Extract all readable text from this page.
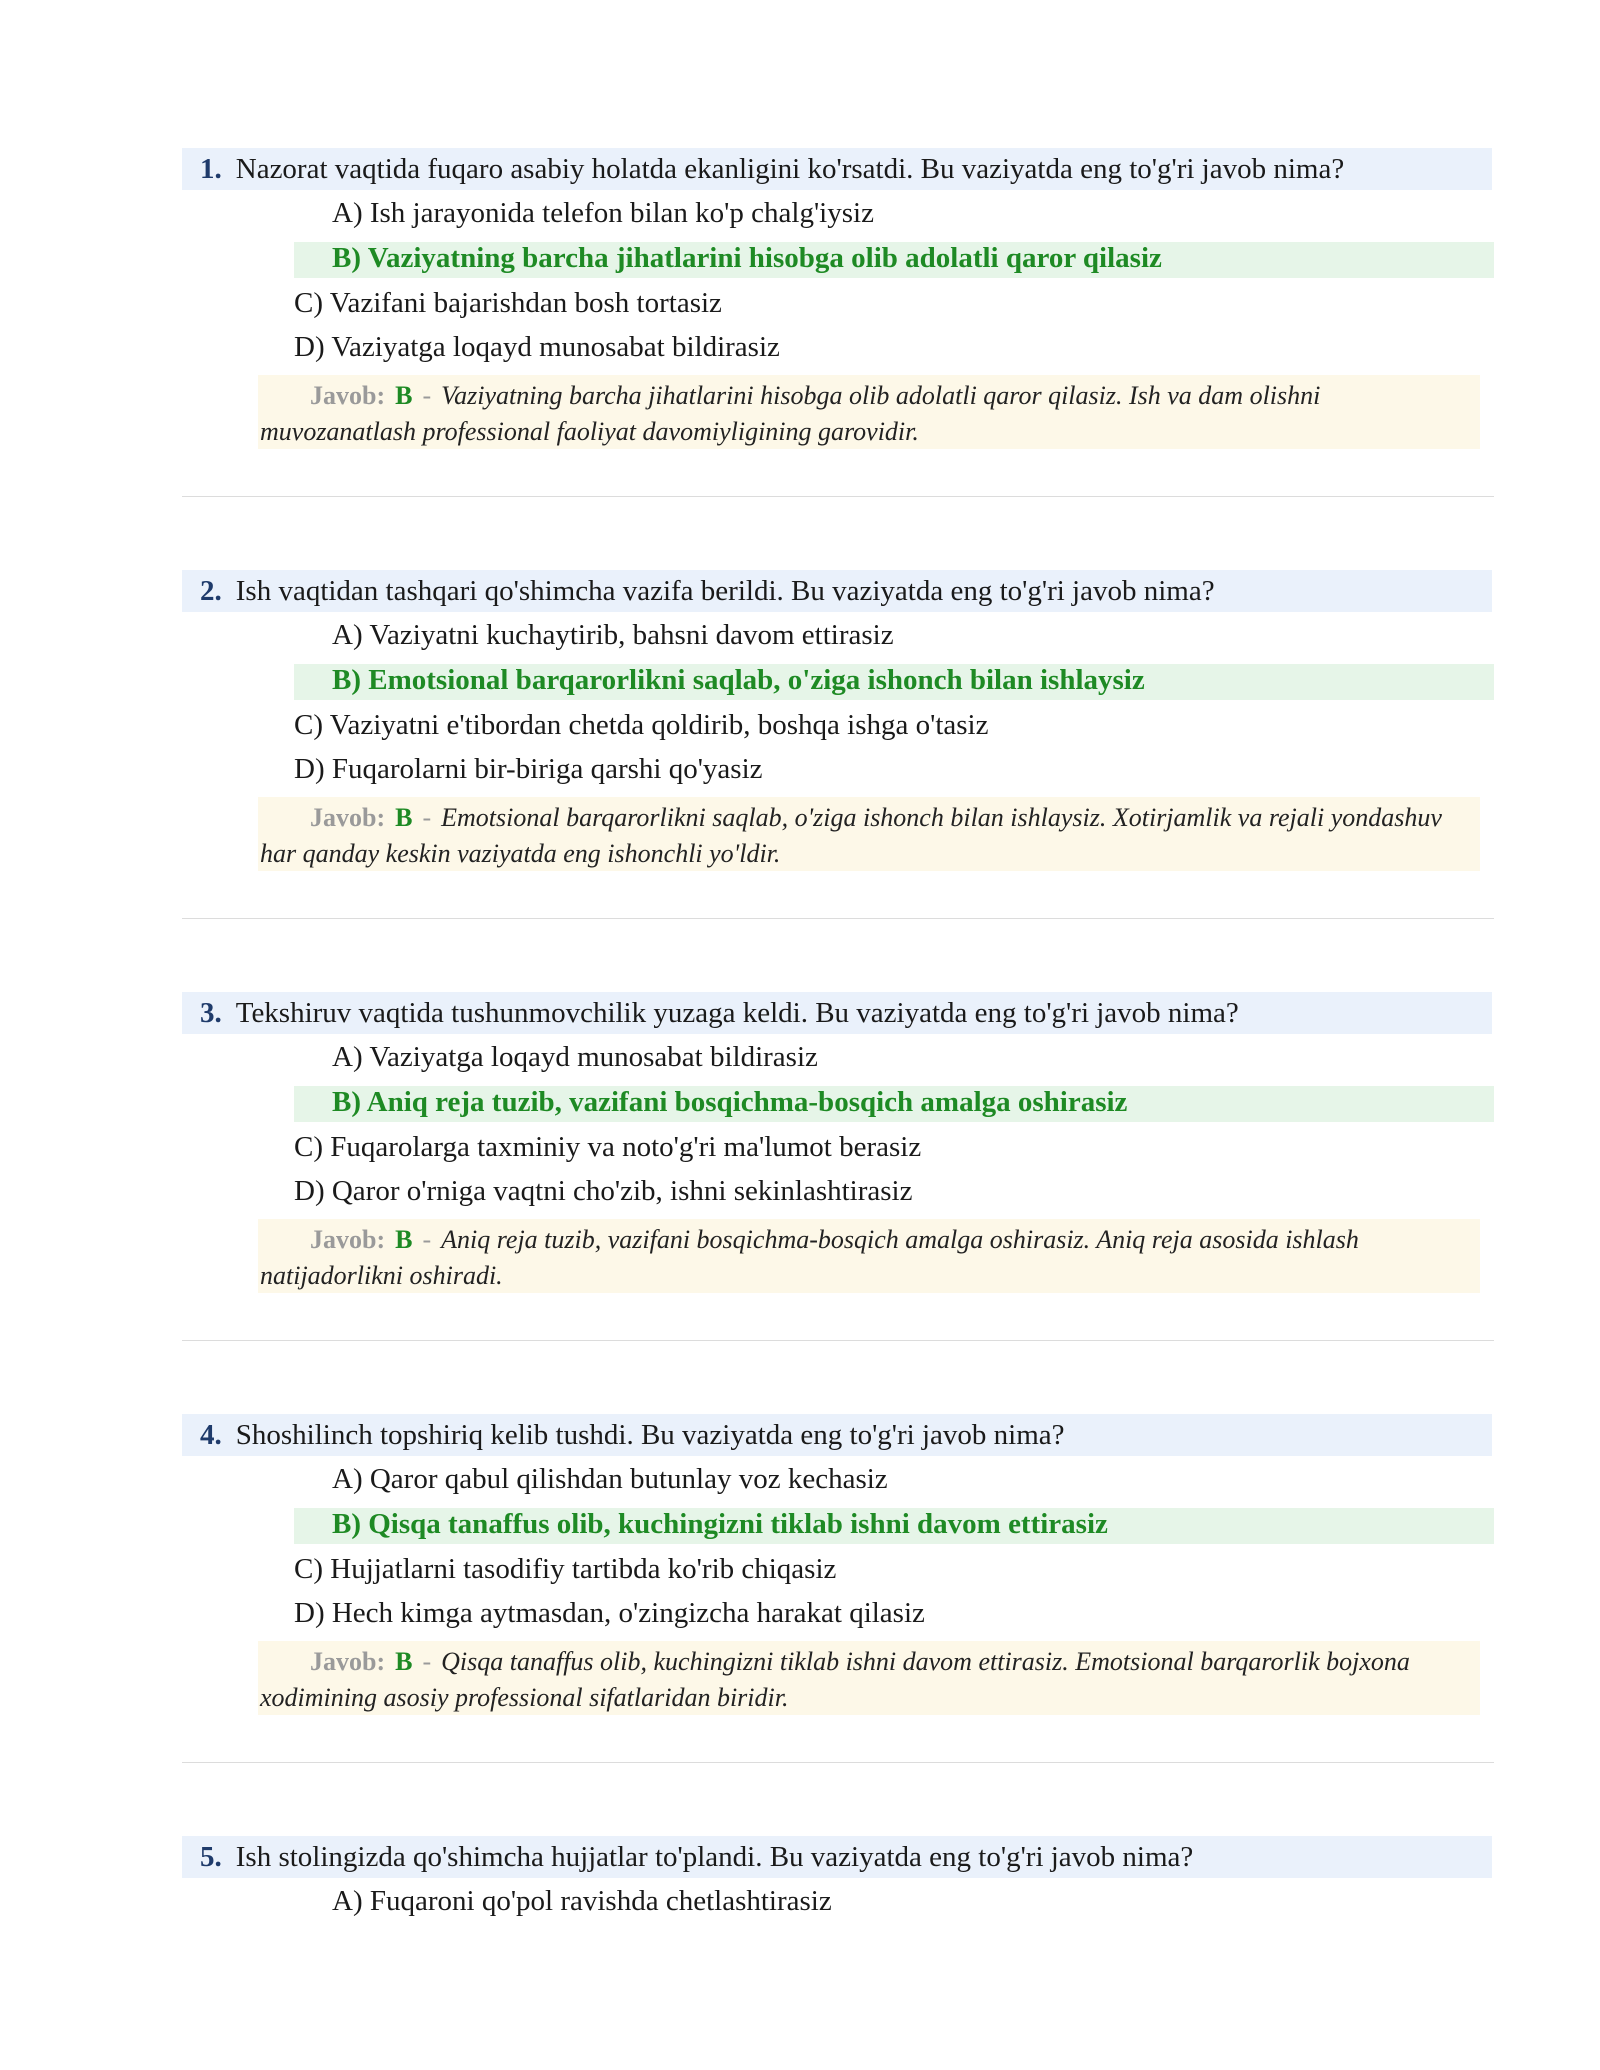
1. Nazorat vaqtida fuqaro asabiy holatda ekanligini ko'rsatdi. Bu vaziyatda eng to'g'ri javob nima?
A) Ish jarayonida telefon bilan ko'p chalg'iysiz
B) Vaziyatning barcha jihatlarini hisobga olib adolatli qaror qilasiz
C) Vazifani bajarishdan bosh tortasiz
D) Vaziyatga loqayd munosabat bildirasiz
Javob: B - Vaziyatning barcha jihatlarini hisobga olib adolatli qaror qilasiz. Ish va dam olishni muvozanatlash professional faoliyat davomiyligining garovidir.
2. Ish vaqtidan tashqari qo'shimcha vazifa berildi. Bu vaziyatda eng to'g'ri javob nima?
A) Vaziyatni kuchaytirib, bahsni davom ettirasiz
B) Emotsional barqarorlikni saqlab, o'ziga ishonch bilan ishlaysiz
C) Vaziyatni e'tibordan chetda qoldirib, boshqa ishga o'tasiz
D) Fuqarolarni bir-biriga qarshi qo'yasiz
Javob: B - Emotsional barqarorlikni saqlab, o'ziga ishonch bilan ishlaysiz. Xotirjamlik va rejali yondashuv har qanday keskin vaziyatda eng ishonchli yo'ldir.
3. Tekshiruv vaqtida tushunmovchilik yuzaga keldi. Bu vaziyatda eng to'g'ri javob nima?
A) Vaziyatga loqayd munosabat bildirasiz
B) Aniq reja tuzib, vazifani bosqichma-bosqich amalga oshirasiz
C) Fuqarolarga taxminiy va noto'g'ri ma'lumot berasiz
D) Qaror o'rniga vaqtni cho'zib, ishni sekinlashtirasiz
Javob: B - Aniq reja tuzib, vazifani bosqichma-bosqich amalga oshirasiz. Aniq reja asosida ishlash natijadorlikni oshiradi.
4. Shoshilinch topshiriq kelib tushdi. Bu vaziyatda eng to'g'ri javob nima?
A) Qaror qabul qilishdan butunlay voz kechasiz
B) Qisqa tanaffus olib, kuchingizni tiklab ishni davom ettirasiz
C) Hujjatlarni tasodifiy tartibda ko'rib chiqasiz
D) Hech kimga aytmasdan, o'zingizcha harakat qilasiz
Javob: B - Qisqa tanaffus olib, kuchingizni tiklab ishni davom ettirasiz. Emotsional barqarorlik bojxona xodimining asosiy professional sifatlaridan biridir.
5. Ish stolingizda qo'shimcha hujjatlar to'plandi. Bu vaziyatda eng to'g'ri javob nima?
A) Fuqaroni qo'pol ravishda chetlashtirasiz
